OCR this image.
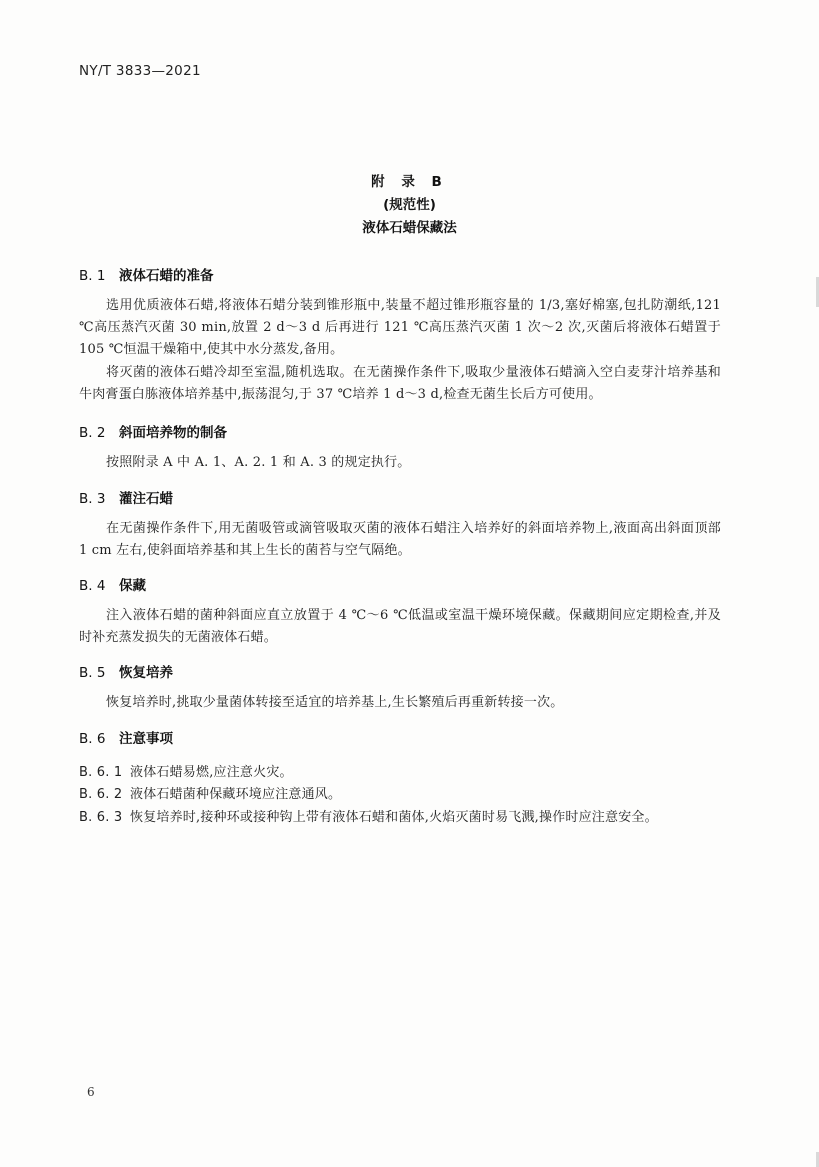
NY/T 3833—2021
附 录 B
(规范性)
液体石蜡保藏法
B. 1 液体石蜡的准备
选用优质液体石蜡,将液体石蜡分装到锥形瓶中,装量不超过锥形瓶容量的 1/3,塞好棉塞,包扎防潮纸,121 ℃高压蒸汽灭菌 30 min,放置 2 d～3 d 后再进行 121 ℃高压蒸汽灭菌 1 次～2 次,灭菌后将液体石蜡置于 105 ℃恒温干燥箱中,使其中水分蒸发,备用。
将灭菌的液体石蜡冷却至室温,随机选取。在无菌操作条件下,吸取少量液体石蜡滴入空白麦芽汁培养基和牛肉膏蛋白胨液体培养基中,振荡混匀,于 37 ℃培养 1 d～3 d,检查无菌生长后方可使用。
B. 2 斜面培养物的制备
按照附录 A 中 A. 1、A. 2. 1 和 A. 3 的规定执行。
B. 3 灌注石蜡
在无菌操作条件下,用无菌吸管或滴管吸取灭菌的液体石蜡注入培养好的斜面培养物上,液面高出斜面顶部 1 cm 左右,使斜面培养基和其上生长的菌苔与空气隔绝。
B. 4 保藏
注入液体石蜡的菌种斜面应直立放置于 4 ℃～6 ℃低温或室温干燥环境保藏。保藏期间应定期检查,并及时补充蒸发损失的无菌液体石蜡。
B. 5 恢复培养
恢复培养时,挑取少量菌体转接至适宜的培养基上,生长繁殖后再重新转接一次。
B. 6 注意事项
B. 6. 1 液体石蜡易燃,应注意火灾。
B. 6. 2 液体石蜡菌种保藏环境应注意通风。
B. 6. 3 恢复培养时,接种环或接种钩上带有液体石蜡和菌体,火焰灭菌时易飞溅,操作时应注意安全。
6
